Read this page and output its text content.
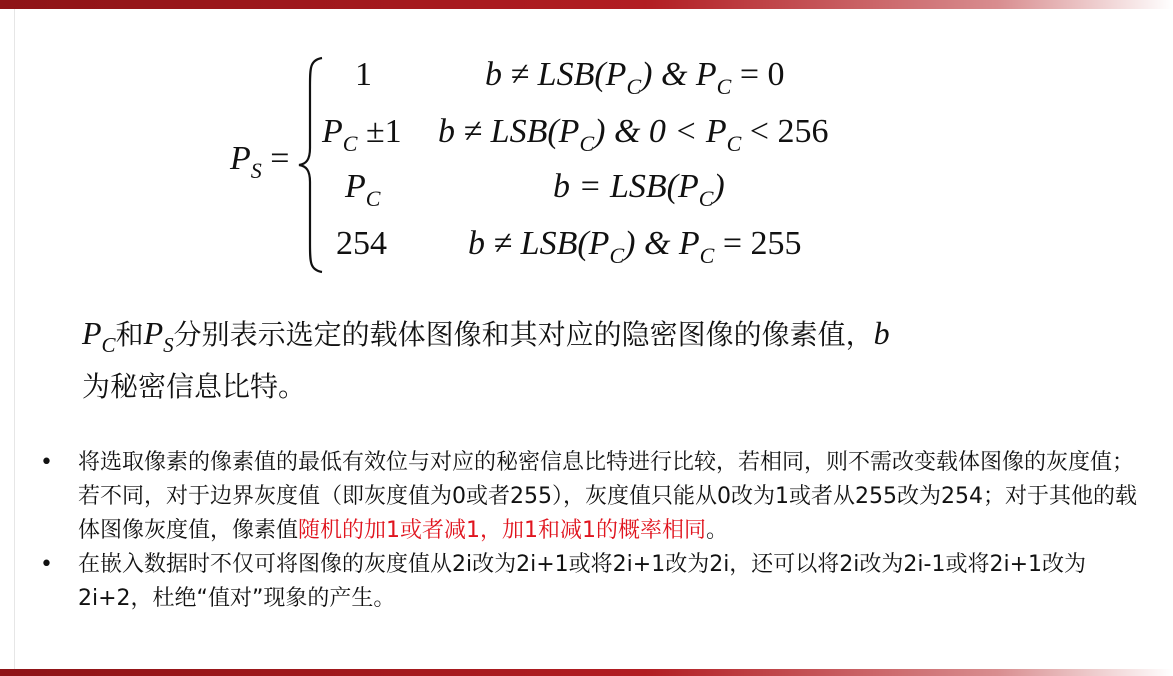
$P_S$ =
1	$b \ne LSB(P_C)$ & $P_C = 0$
$P_C \pm 1$ $b \ne LSB(P_C)$ & $0 < P_C < 256$
$P_C$	$b = LSB(P_C)$
254 $b \ne LSB(P_C)$ & $P_C = 255$
$P_C$和$P_S$分别表示选定的载体图像和其对应的隐密图像的像素值，b
为秘密信息比特。
• 将选取像素的像素值的最低有效位与对应的秘密信息比特进行比较，若相同，则不需改变载体图像的灰度值；若不同，对于边界灰度值（即灰度值为0或者255），灰度值只能从0改为1或者从255改为254；对于其他的载体图像灰度值，像素值随机的加1或者减1，加1和减1的概率相同。
• 在嵌入数据时不仅可将图像的灰度值从2i改为2i+1或将2i+1改为2i，还可以将2i改为2i-1或将2i+1改为2i+2，杜绝“值对”现象的产生。
